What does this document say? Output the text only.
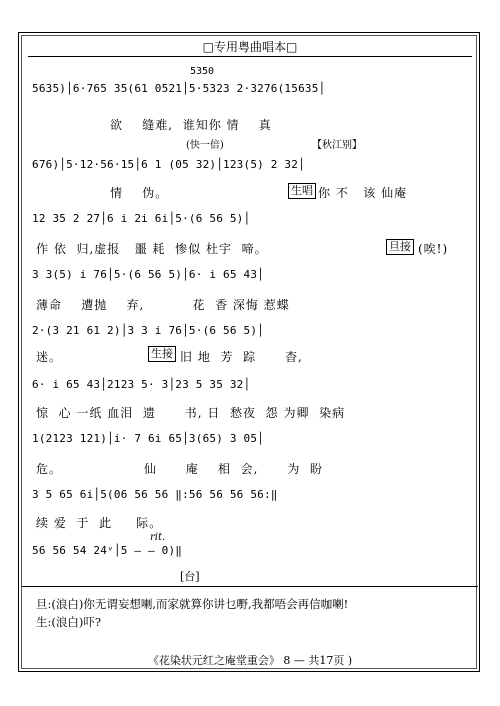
□专用粤曲唱本□
5350
5635)│6·765 35(61 0521│5·5323 2·3276(15635│
欲    缝难,  谁知你 情    真
(快一倍)	【秋江别】
676)│5·12·56·15│6 1 (05 32)│123(5) 2 32│
情    伪。	生唱 你 不   该 仙庵
12 35 2 27│6 i 2i 6i│5·(6 56 5)│
作 依  归,虚报   噩 耗  惨似 杜宇  啼。	旦接 (唉!)
3 3(5) i 76│5·(6 56 5)│6· i 65 43│
薄命    遭抛    弃,          花  香 深悔 惹蝶
2·(3 21 61 2)│3 3 i 76│5·(6 56 5)│
迷。	生接 旧 地  芳  踪      杳,
6· i 65 43│2123 5· 3│23 5 35 32│
惊  心 一纸 血泪  遗      书, 日  愁夜  怨 为卿  染病
1(2123 121)│i· 7 6i 65│3(65) 3 05│
危。                 仙      庵    相  会,      为  盼
3 5 65 6i│5(06 56 56 ‖:56 56 56 56:‖
续 爱  于  此     际。
rit.
56 56 54 24ᵛ│5 — — 0)‖
[台]
旦:(浪白)你无谓妄想喇,而家就算你讲乜嘢,我都唔会再信咖喇!
生:(浪白)吓?
《花染状元红之庵堂重会》 8 — 共17页 )
